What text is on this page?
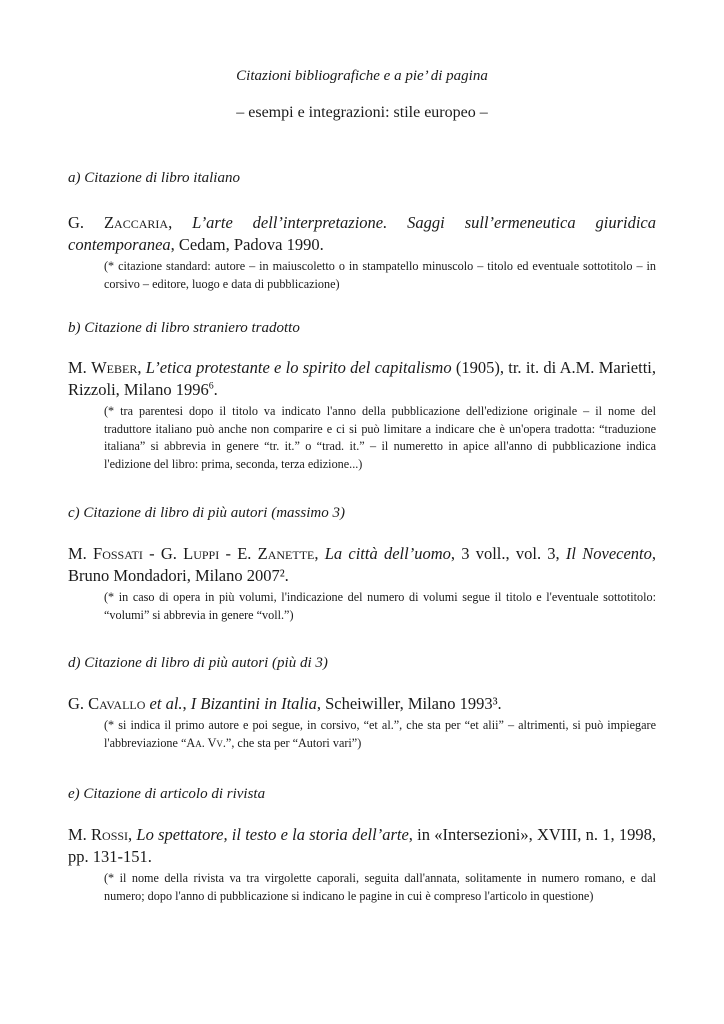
Citazioni bibliografiche e a pie’ di pagina
– esempi e integrazioni: stile europeo –

a) Citazione di libro italiano

G. Zaccaria, L’arte dell’interpretazione. Saggi sull’ermeneutica giuridica contemporanea, Cedam, Padova 1990.

(* citazione standard: autore – in maiuscoletto o in stampatello minuscolo – titolo ed eventuale sottotitolo – in corsivo – editore, luogo e data di pubblicazione)

b) Citazione di libro straniero tradotto

M. Weber, L’etica protestante e lo spirito del capitalismo (1905), tr. it. di A.M. Marietti, Rizzoli, Milano 1996$^6$.

(* tra parentesi dopo il titolo va indicato l'anno della pubblicazione dell'edizione originale – il nome del traduttore italiano può anche non comparire e ci si può limitare a indicare che è un'opera tradotta: “traduzione italiana” si abbrevia in genere “tr. it.” o “trad. it.” – il numeretto in apice all'anno di pubblicazione indica l'edizione del libro: prima, seconda, terza edizione...)

c) Citazione di libro di più autori (massimo 3)

M. Fossati - G. Luppi - E. Zanette, La città dell’uomo, 3 voll., vol. 3, Il Novecento, Bruno Mondadori, Milano 2007².

(* in caso di opera in più volumi, l'indicazione del numero di volumi segue il titolo e l'eventuale sottotitolo: “volumi” si abbrevia in genere “voll.”)

d) Citazione di libro di più autori (più di 3)

G. Cavallo et al., I Bizantini in Italia, Scheiwiller, Milano 1993³.

(* si indica il primo autore e poi segue, in corsivo, “et al.”, che sta per “et alii” – altrimenti, si può impiegare l'abbreviazione “Aa. Vv.”, che sta per “Autori vari”)

e) Citazione di articolo di rivista

M. Rossi, Lo spettatore, il testo e la storia dell’arte, in «Intersezioni», XVIII, n. 1, 1998, pp. 131-151.

(* il nome della rivista va tra virgolette caporali, seguita dall'annata, solitamente in numero romano, e dal numero; dopo l'anno di pubblicazione si indicano le pagine in cui è compreso l'articolo in questione)
